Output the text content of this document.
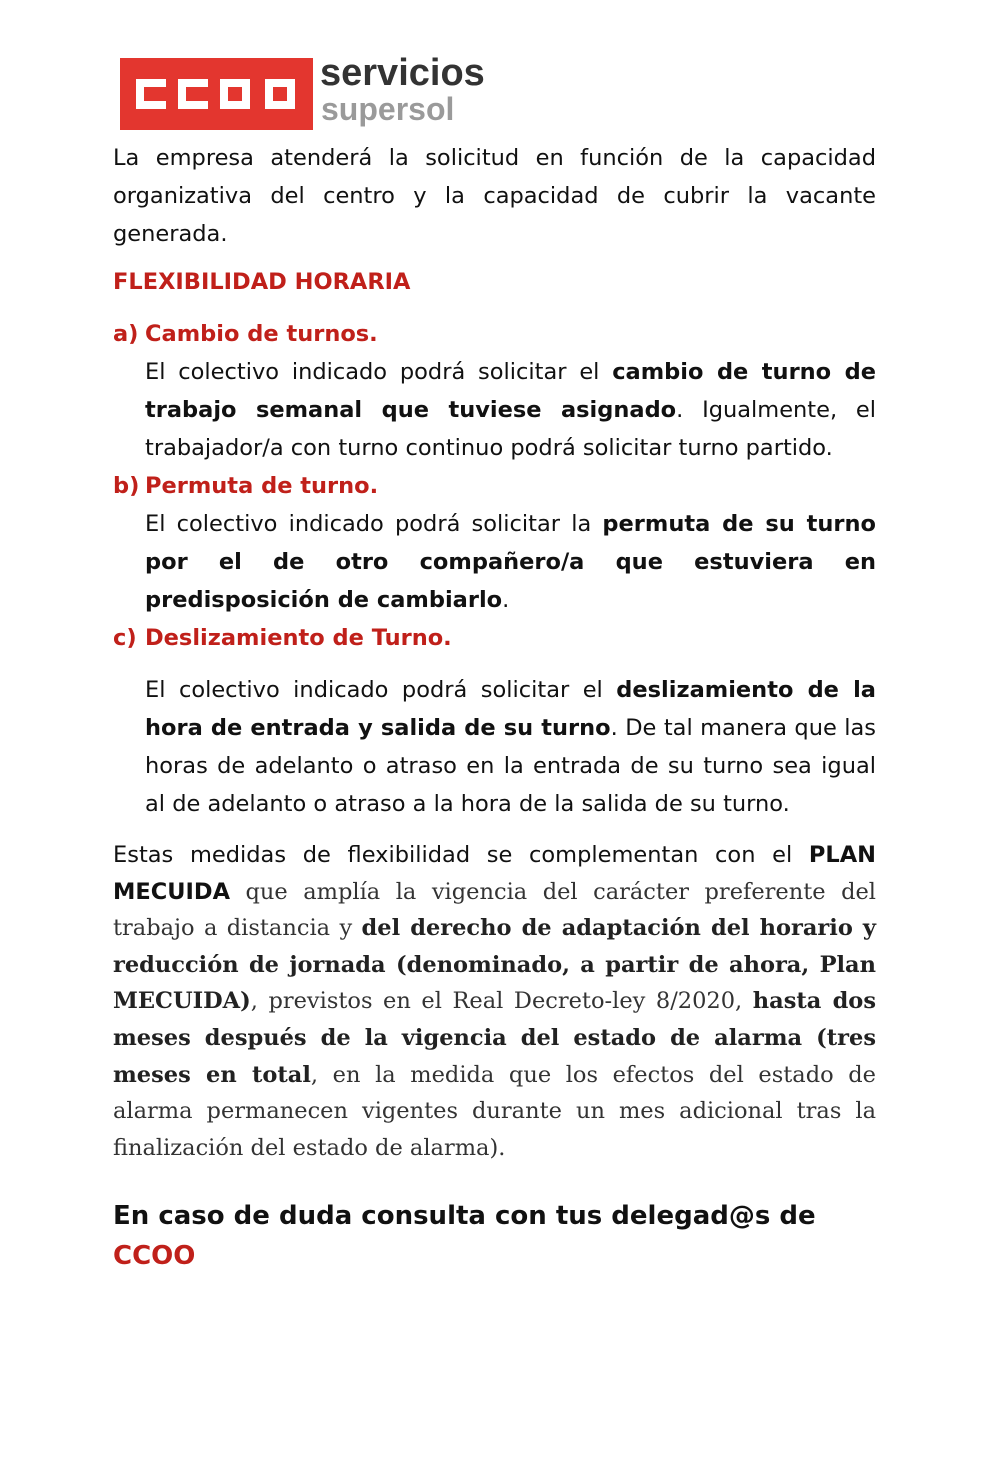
servicios
supersol

La empresa atenderá la solicitud en función de la capacidad organizativa del centro y la capacidad de cubrir la vacante generada.

FLEXIBILIDAD HORARIA

a) Cambio de turnos.

El colectivo indicado podrá solicitar el cambio de turno de trabajo semanal que tuviese asignado. Igualmente, el trabajador/a con turno continuo podrá solicitar turno partido.

b) Permuta de turno.

El colectivo indicado podrá solicitar la permuta de su turno por el de otro compañero/a que estuviera en predisposición de cambiarlo.

c) Deslizamiento de Turno.

El colectivo indicado podrá solicitar el deslizamiento de la hora de entrada y salida de su turno. De tal manera que las horas de adelanto o atraso en la entrada de su turno sea igual al de adelanto o atraso a la hora de la salida de su turno.

Estas medidas de flexibilidad se complementan con el PLAN MECUIDA que amplía la vigencia del carácter preferente del trabajo a distancia y del derecho de adaptación del horario y reducción de jornada (denominado, a partir de ahora, Plan MECUIDA), previstos en el Real Decreto-ley 8/2020, hasta dos meses después de la vigencia del estado de alarma (tres meses en total, en la medida que los efectos del estado de alarma permanecen vigentes durante un mes adicional tras la finalización del estado de alarma).

En caso de duda consulta con tus delegad@s de CCOO
